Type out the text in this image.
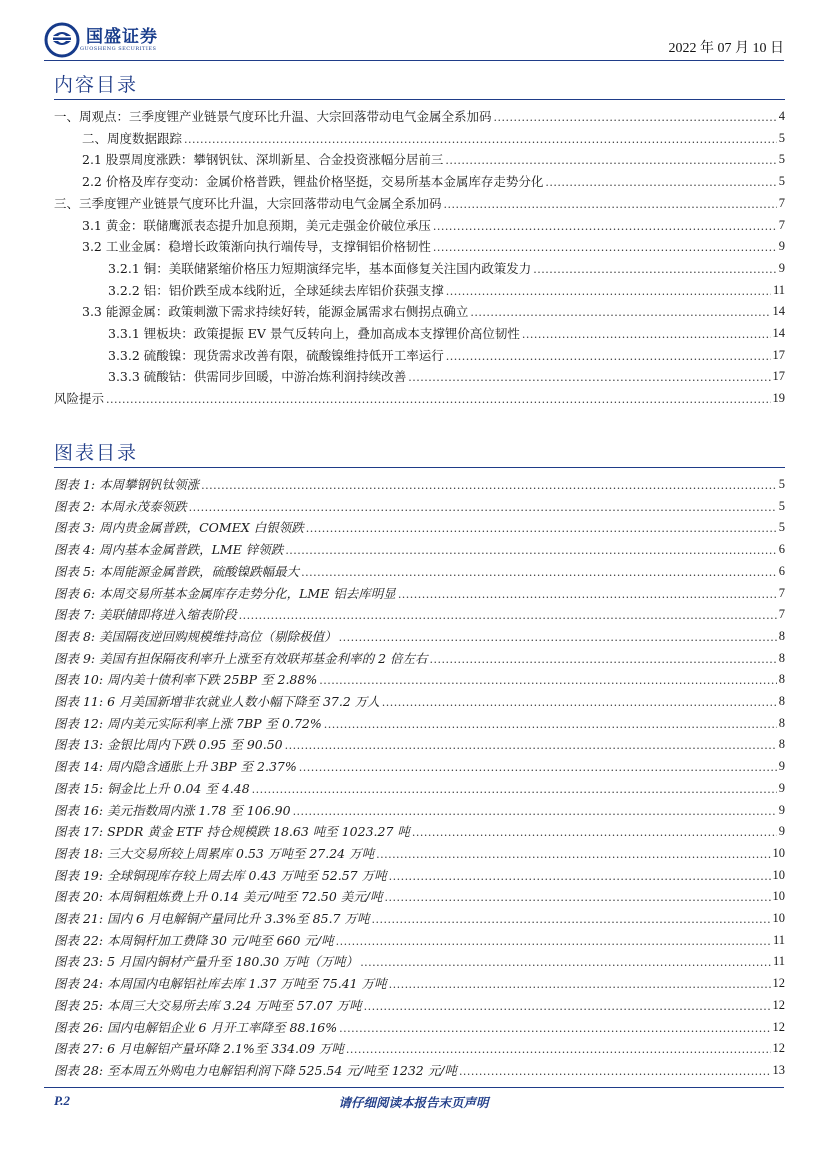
国盛证券
GUOSHENG SECURITIES	2022 年 07 月 10 日
内容目录
一、周观点：三季度锂产业链景气度环比升温、大宗回落带动电气金属全系加码 .....	4
二、周度数据跟踪 .....	5
2.1 股票周度涨跌：攀钢钒钛、深圳新星、合金投资涨幅分居前三 .....	5
2.2 价格及库存变动：金属价格普跌，锂盐价格坚挺，交易所基本金属库存走势分化 .....	5
三、三季度锂产业链景气度环比升温，大宗回落带动电气金属全系加码 .....	7
3.1 黄金：联储鹰派表态提升加息预期，美元走强金价破位承压 .....	7
3.2 工业金属：稳增长政策渐向执行端传导，支撑铜铝价格韧性 .....	9
3.2.1 铜：美联储紧缩价格压力短期演绎完毕，基本面修复关注国内政策发力 .....	9
3.2.2 铝：铝价跌至成本线附近，全球延续去库铝价获强支撑 .....	11
3.3 能源金属：政策刺激下需求持续好转，能源金属需求右侧拐点确立 .....	14
3.3.1 锂板块：政策提振 EV 景气反转向上，叠加高成本支撑锂价高位韧性 .....	14
3.3.2 硫酸镍：现货需求改善有限，硫酸镍维持低开工率运行 .....	17
3.3.3 硫酸钴：供需同步回暖，中游冶炼利润持续改善 .....	17
风险提示 .....	19
图表目录
图表 1: 本周攀钢钒钛领涨 .....	5
图表 2: 本周永茂泰领跌 .....	5
图表 3: 周内贵金属普跌，COMEX 白银领跌 .....	5
图表 4: 周内基本金属普跌，LME 锌领跌 .....	6
图表 5: 本周能源金属普跌，硫酸镍跌幅最大 .....	6
图表 6: 本周交易所基本金属库存走势分化，LME 铝去库明显 .....	7
图表 7: 美联储即将进入缩表阶段 .....	7
图表 8: 美国隔夜逆回购规模维持高位（剔除极值） .....	8
图表 9: 美国有担保隔夜利率升上涨至有效联邦基金利率的 2 倍左右 .....	8
图表 10: 周内美十债利率下跌 25BP 至 2.88% .....	8
图表 11: 6 月美国新增非农就业人数小幅下降至 37.2 万人 .....	8
图表 12: 周内美元实际利率上涨 7BP 至 0.72% .....	8
图表 13: 金银比周内下跌 0.95 至 90.50 .....	8
图表 14: 周内隐含通胀上升 3BP 至 2.37% .....	9
图表 15: 铜金比上升 0.04 至 4.48 .....	9
图表 16: 美元指数周内涨 1.78 至 106.90 .....	9
图表 17: SPDR 黄金 ETF 持仓规模跌 18.63 吨至 1023.27 吨 .....	9
图表 18: 三大交易所较上周累库 0.53 万吨至 27.24 万吨 .....	10
图表 19: 全球铜现库存较上周去库 0.43 万吨至 52.57 万吨 .....	10
图表 20: 本周铜粗炼费上升 0.14 美元/吨至 72.50 美元/吨 .....	10
图表 21: 国内 6 月电解铜产量同比升 3.3%至 85.7 万吨 .....	10
图表 22: 本周铜杆加工费降 30 元/吨至 660 元/吨 .....	11
图表 23: 5 月国内铜材产量升至 180.30 万吨（万吨） .....	11
图表 24: 本周国内电解铝社库去库 1.37 万吨至 75.41 万吨 .....	12
图表 25: 本周三大交易所去库 3.24 万吨至 57.07 万吨 .....	12
图表 26: 国内电解铝企业 6 月开工率降至 88.16% .....	12
图表 27: 6 月电解铝产量环降 2.1%至 334.09 万吨 .....	12
图表 28: 至本周五外购电力电解铝利润下降 525.54 元/吨至 1232 元/吨 .....	13
P.2	请仔细阅读本报告末页声明
